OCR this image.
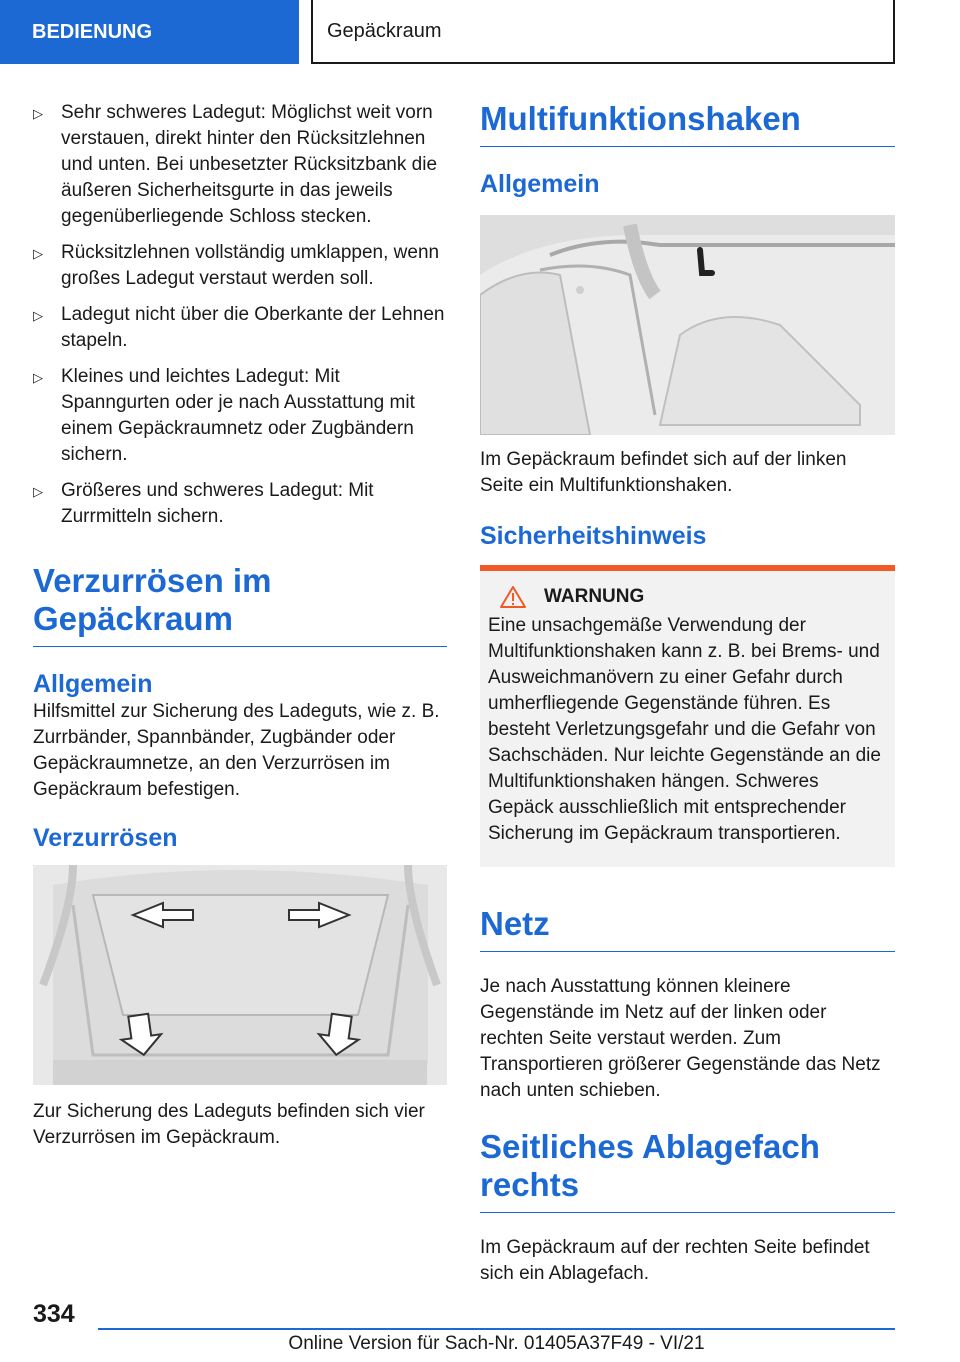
BEDIENUNG	Gepäckraum
▷ Sehr schweres Ladegut: Möglichst weit vorn verstauen, direkt hinter den Rücksitzlehnen und unten. Bei unbesetzter Rücksitzbank die äußeren Sicherheitsgurte in das jeweils gegenüberliegende Schloss stecken.
▷ Rücksitzlehnen vollständig umklappen, wenn großes Ladegut verstaut werden soll.
▷ Ladegut nicht über die Oberkante der Lehnen stapeln.
▷ Kleines und leichtes Ladegut: Mit Spanngurten oder je nach Ausstattung mit einem Gepäckraumnetz oder Zugbändern sichern.
▷ Größeres und schweres Ladegut: Mit Zurrmitteln sichern.
Verzurrösen im Gepäckraum
Allgemein

Hilfsmittel zur Sicherung des Ladeguts, wie z. B. Zurrbänder, Spannbänder, Zugbänder oder Gepäckraumnetze, an den Verzurrösen im Gepäckraum befestigen.

Verzurrösen

Zur Sicherung des Ladeguts befinden sich vier Verzurrösen im Gepäckraum.

Multifunktionshaken
Allgemein

Im Gepäckraum befindet sich auf der linken Seite ein Multifunktionshaken.

Sicherheitshinweis
WARNUNG

Eine unsachgemäße Verwendung der Multifunktionshaken kann z. B. bei Brems- und Ausweichmanövern zu einer Gefahr durch umherfliegende Gegenstände führen. Es besteht Verletzungsgefahr und die Gefahr von Sachschäden. Nur leichte Gegenstände an die Multifunktionshaken hängen. Schweres Gepäck ausschließlich mit entsprechender Sicherung im Gepäckraum transportieren.

Netz

Je nach Ausstattung können kleinere Gegenstände im Netz auf der linken oder rechten Seite verstaut werden. Zum Transportieren größerer Gegenstände das Netz nach unten schieben.

Seitliches Ablagefach rechts

Im Gepäckraum auf der rechten Seite befindet sich ein Ablagefach.

334
Online Version für Sach-Nr. 01405A37F49 - VI/21
